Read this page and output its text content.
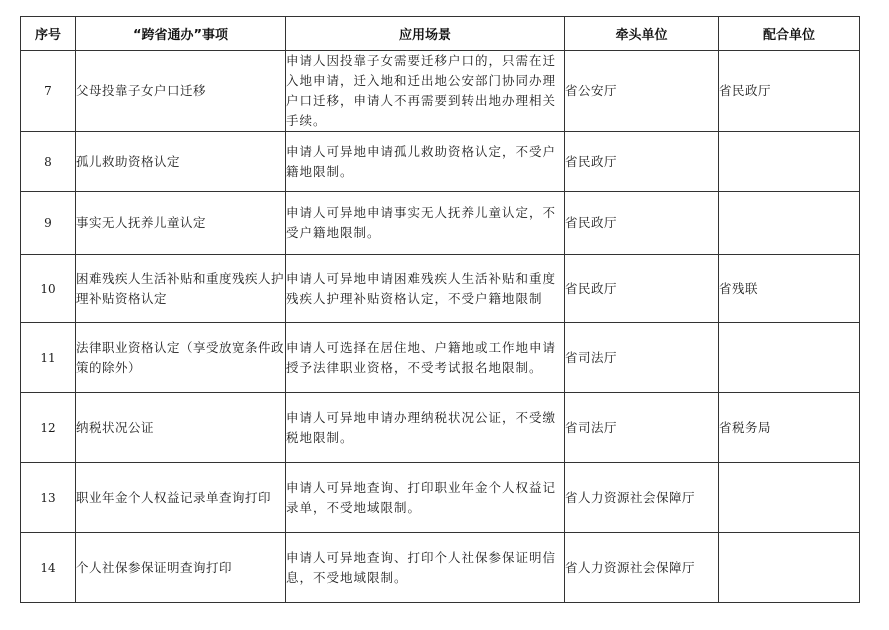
序号	“跨省通办”事项	应用场景	牵头单位	配合单位
7	父母投靠子女户口迁移	申请人因投靠子女需要迁移户口的，只需在迁入地申请，迁入地和迁出地公安部门协同办理户口迁移，申请人不再需要到转出地办理相关手续。	省公安厅	省民政厅
8	孤儿救助资格认定	申请人可异地申请孤儿救助资格认定，不受户籍地限制。	省民政厅	
9	事实无人抚养儿童认定	申请人可异地申请事实无人抚养儿童认定，不受户籍地限制。	省民政厅	
10	困难残疾人生活补贴和重度残疾人护理补贴资格认定	申请人可异地申请困难残疾人生活补贴和重度残疾人护理补贴资格认定，不受户籍地限制	省民政厅	省残联
11	法律职业资格认定（享受放宽条件政策的除外）	申请人可选择在居住地、户籍地或工作地申请授予法律职业资格，不受考试报名地限制。	省司法厅	
12	纳税状况公证	申请人可异地申请办理纳税状况公证，不受缴税地限制。	省司法厅	省税务局
13	职业年金个人权益记录单查询打印	申请人可异地查询、打印职业年金个人权益记录单，不受地域限制。	省人力资源社会保障厅	
14	个人社保参保证明查询打印	申请人可异地查询、打印个人社保参保证明信息，不受地域限制。	省人力资源社会保障厅	
